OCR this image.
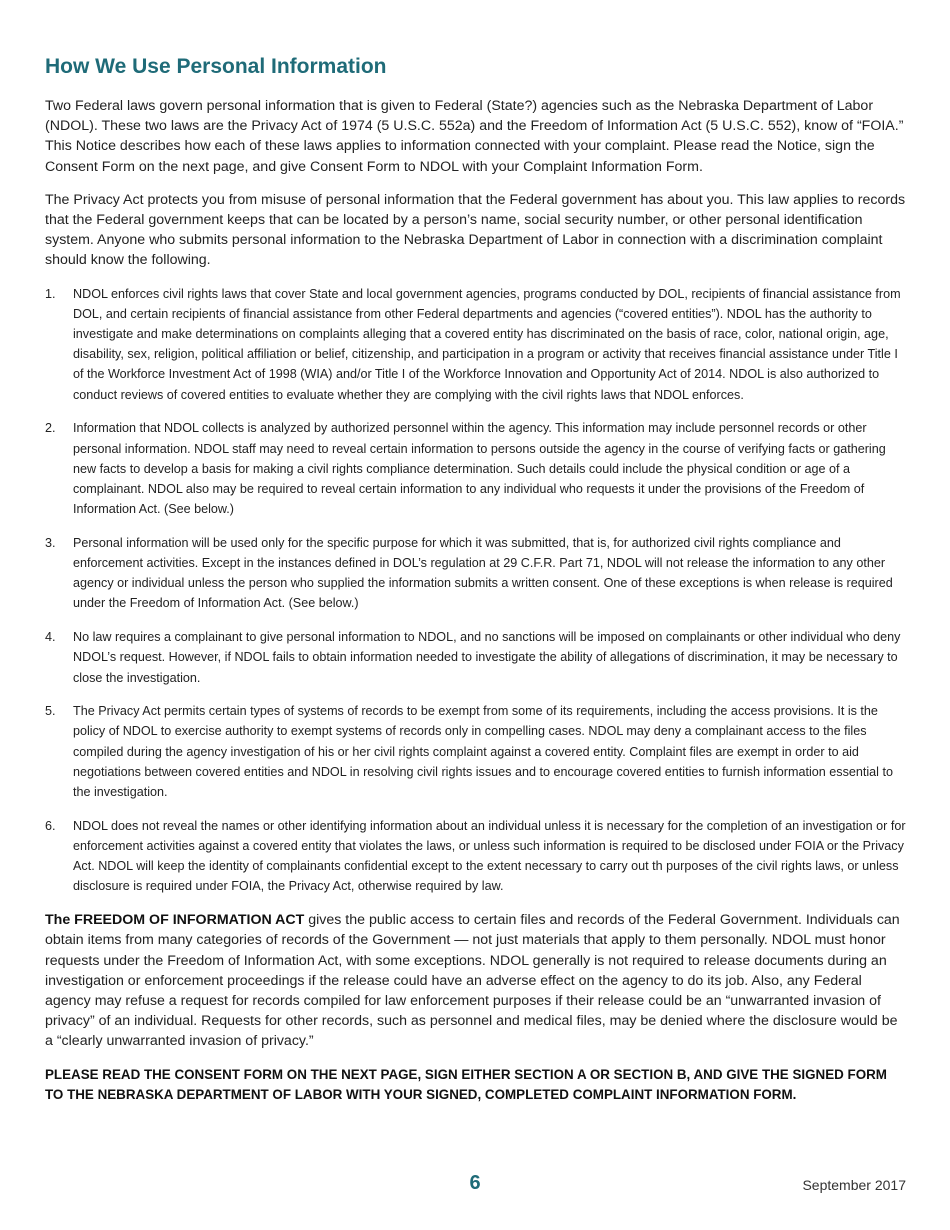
How We Use Personal Information

Two Federal laws govern personal information that is given to Federal (State?) agencies such as the Nebraska Department of Labor (NDOL). These two laws are the Privacy Act of 1974 (5 U.S.C. 552a) and the Freedom of Information Act (5 U.S.C. 552), know of “FOIA.” This Notice describes how each of these laws applies to information connected with your complaint. Please read the Notice, sign the Consent Form on the next page, and give Consent Form to NDOL with your Complaint Information Form.

The Privacy Act protects you from misuse of personal information that the Federal government has about you. This law applies to records that the Federal government keeps that can be located by a person’s name, social security number, or other personal identification system. Anyone who submits personal information to the Nebraska Department of Labor in connection with a discrimination complaint should know the following.

1. NDOL enforces civil rights laws that cover State and local government agencies, programs conducted by DOL, recipients of financial assistance from DOL, and certain recipients of financial assistance from other Federal departments and agencies (“covered entities”). NDOL has the authority to investigate and make determinations on complaints alleging that a covered entity has discriminated on the basis of race, color, national origin, age, disability, sex, religion, political affiliation or belief, citizenship, and participation in a program or activity that receives financial assistance under Title I of the Workforce Investment Act of 1998 (WIA) and/or Title I of the Workforce Innovation and Opportunity Act of 2014. NDOL is also authorized to conduct reviews of covered entities to evaluate whether they are complying with the civil rights laws that NDOL enforces.
2. Information that NDOL collects is analyzed by authorized personnel within the agency. This information may include personnel records or other personal information. NDOL staff may need to reveal certain information to persons outside the agency in the course of verifying facts or gathering new facts to develop a basis for making a civil rights compliance determination. Such details could include the physical condition or age of a complainant. NDOL also may be required to reveal certain information to any individual who requests it under the provisions of the Freedom of Information Act. (See below.)
3. Personal information will be used only for the specific purpose for which it was submitted, that is, for authorized civil rights compliance and enforcement activities. Except in the instances defined in DOL’s regulation at 29 C.F.R. Part 71, NDOL will not release the information to any other agency or individual unless the person who supplied the information submits a written consent. One of these exceptions is when release is required under the Freedom of Information Act. (See below.)
4. No law requires a complainant to give personal information to NDOL, and no sanctions will be imposed on complainants or other individual who deny NDOL’s request. However, if NDOL fails to obtain information needed to investigate the ability of allegations of discrimination, it may be necessary to close the investigation.
5. The Privacy Act permits certain types of systems of records to be exempt from some of its requirements, including the access provisions. It is the policy of NDOL to exercise authority to exempt systems of records only in compelling cases. NDOL may deny a complainant access to the files compiled during the agency investigation of his or her civil rights complaint against a covered entity. Complaint files are exempt in order to aid negotiations between covered entities and NDOL in resolving civil rights issues and to encourage covered entities to furnish information essential to the investigation.
6. NDOL does not reveal the names or other identifying information about an individual unless it is necessary for the completion of an investigation or for enforcement activities against a covered entity that violates the laws, or unless such information is required to be disclosed under FOIA or the Privacy Act. NDOL will keep the identity of complainants confidential except to the extent necessary to carry out th purposes of the civil rights laws, or unless disclosure is required under FOIA, the Privacy Act, otherwise required by law.

The FREEDOM OF INFORMATION ACT gives the public access to certain files and records of the Federal Government. Individuals can obtain items from many categories of records of the Government — not just materials that apply to them personally. NDOL must honor requests under the Freedom of Information Act, with some exceptions. NDOL generally is not required to release documents during an investigation or enforcement proceedings if the release could have an adverse effect on the agency to do its job. Also, any Federal agency may refuse a request for records compiled for law enforcement purposes if their release could be an “unwarranted invasion of privacy” of an individual. Requests for other records, such as personnel and medical files, may be denied where the disclosure would be a “clearly unwarranted invasion of privacy.”

PLEASE READ THE CONSENT FORM ON THE NEXT PAGE, SIGN EITHER SECTION A OR SECTION B, AND GIVE THE SIGNED FORM TO THE NEBRASKA DEPARTMENT OF LABOR WITH YOUR SIGNED, COMPLETED COMPLAINT INFORMATION FORM.

6	September 2017
